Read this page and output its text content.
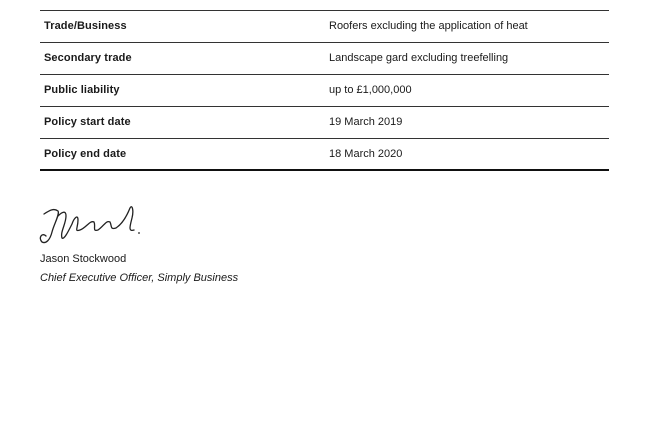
Trade/Business	Roofers excluding the application of heat
Secondary trade	Landscape gard excluding treefelling
Public liability	up to £1,000,000
Policy start date	19 March 2019
Policy end date	18 March 2020
Jason Stockwood
Chief Executive Officer, Simply Business
